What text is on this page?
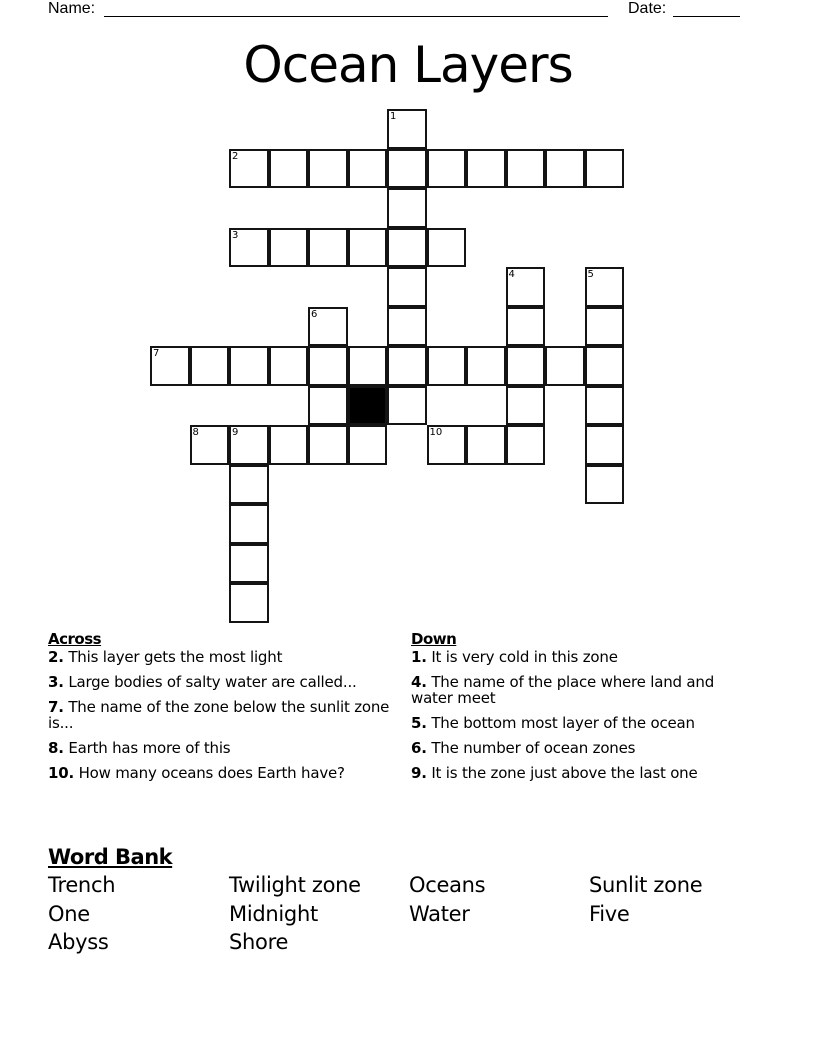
Name:	Date:
Ocean Layers
1
2
3
4	5
6
7
8	9	10
Across
2. This layer gets the most light
3. Large bodies of salty water are called...
7. The name of the zone below the sunlit zone is...
8. Earth has more of this
10. How many oceans does Earth have?
Down
1. It is very cold in this zone
4. The name of the place where land and water meet
5. The bottom most layer of the ocean
6. The number of ocean zones
9. It is the zone just above the last one
Word Bank
Trench	Twilight zone	Oceans	Sunlit zone
One	Midnight	Water	Five
Abyss	Shore
